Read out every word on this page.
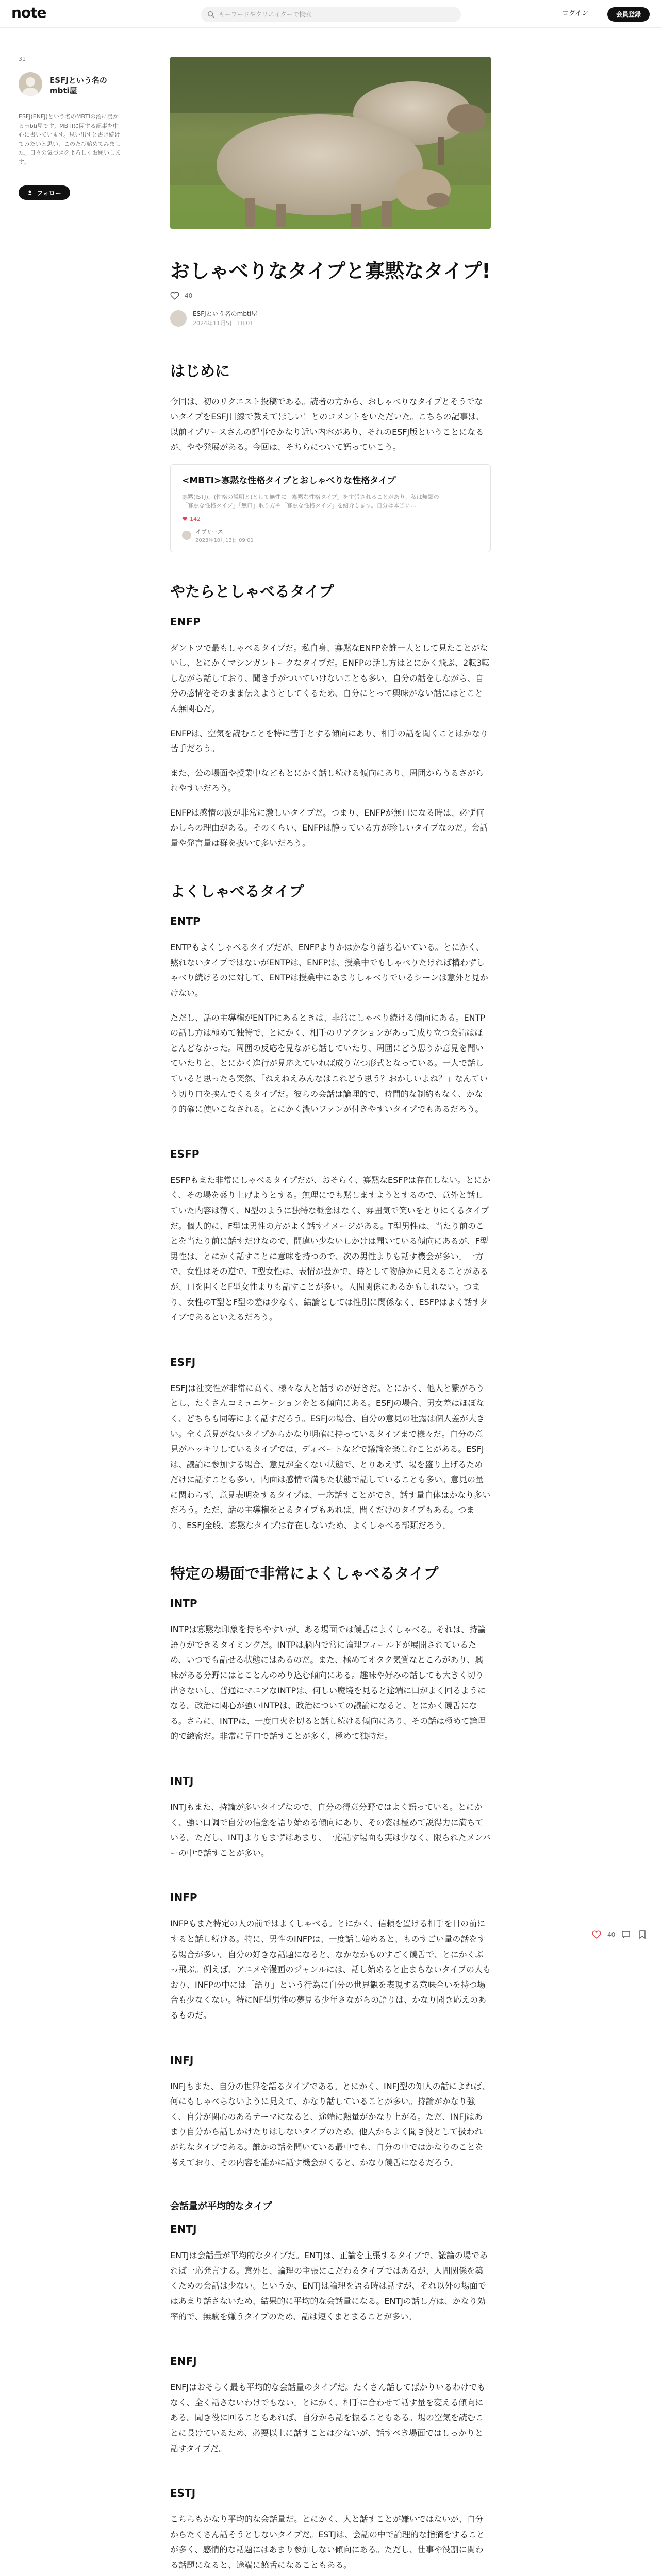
note
キーワードやクリエイターで検索	ログイン	会員登録
31
ESFJという名のmbti屋
ESFJ(ENFJ)という名のMBTIの沼に浸かるmbti屋です。MBTIに関する記事を中心に書いています。思い出すと書き続けてみたいと思い、このたび始めてみました。日々の気づきをよろしくお願いします。
フォロー
おしゃべりなタイプと寡黙なタイプ!
40
ESFJという名のmbti屋
2024年11月5日 18:01
はじめに

今回は、初のリクエスト投稿である。読者の方から、おしゃべりなタイプとそうでないタイプをESFJ目線で教えてほしい！とのコメントをいただいた。こちらの記事は、以前イプリースさんの記事でかなり近い内容があり、それのESFJ版ということになるが、やや発展がある。今回は、そちらについて語っていこう。

<MBTI>寡黙な性格タイプとおしゃべりな性格タイプ
寡黙(ISTJ)、(性格の説明と)として無性に「寡黙な性格タイプ」を主張されることがあり、私は無類の「寡黙な性格タイプ」「無口」取り方や「寡黙な性格タイプ」を紹介します。自分は本当に…
142
イプリース
2023年10月13日 09:01
やたらとしゃべるタイプ
ENFP

ダントツで最もしゃべるタイプだ。私自身、寡黙なENFPを誰一人として見たことがないし、とにかくマシンガントークなタイプだ。ENFPの話し方はとにかく飛ぶ、2転3転しながら話しており、聞き手がついていけないことも多い。自分の話をしながら、自分の感情をそのまま伝えようとしてくるため、自分にとって興味がない話にはとことん無関心だ。

ENFPは、空気を読むことを特に苦手とする傾向にあり、相手の話を聞くことはかなり苦手だろう。

また、公の場面や授業中などもとにかく話し続ける傾向にあり、周囲からうるさがられやすいだろう。

ENFPは感情の波が非常に激しいタイプだ。つまり、ENFPが無口になる時は、必ず何かしらの理由がある。そのくらい、ENFPは静っている方が珍しいタイプなのだ。会話量や発言量は群を抜いて多いだろう。

よくしゃべるタイプ
ENTP

ENTPもよくしゃべるタイプだが、ENFPよりかはかなり落ち着いている。とにかく、黙れないタイプではないがENTPは、ENFPは、授業中でもしゃべりたければ構わずしゃべり続けるのに対して、ENTPは授業中にあまりしゃべりでいるシーンは意外と見かけない。

ただし、話の主導権がENTPにあるときは、非常にしゃべり続ける傾向にある。ENTPの話し方は極めて独特で、とにかく、相手のリアクションがあって成り立つ会話はほとんどなかった。周囲の反応を見ながら話していたり、周囲にどう思うか意見を聞いていたりと、とにかく進行が見応えていれば成り立つ形式となっている。一人で話していると思ったら突然、「ねえねえみんなはこれどう思う？おかしいよね？」なんていう切り口を挟んでくるタイプだ。彼らの会話は論理的で、時間的な制約もなく、かなり的確に使いこなされる。とにかく濃いファンが付きやすいタイプでもあるだろう。

ESFP

ESFPもまた非常にしゃべるタイプだが、おそらく、寡黙なESFPは存在しない。とにかく、その場を盛り上げようとする。無理にでも黙しますようとするので、意外と話していた内容は薄く、N型のように独特な概念はなく、雰囲気で笑いをとりにくるタイプだ。個人的に、F型は男性の方がよく話すイメージがある。T型男性は、当たり前のことを当たり前に話すだけなので、間違い少ないしかけは聞いている傾向にあるが、F型男性は、とにかく話すことに意味を持つので、次の男性よりも話す機会が多い。一方で、女性はその逆で、T型女性は、表情が豊かで、時として物静かに見えることがあるが、口を開くとF型女性よりも話すことが多い。人間関係にあるかもしれない。つまり、女性のT型とF型の差は少なく、結論としては性別に関係なく、ESFPはよく話すタイプであるといえるだろう。

ESFJ

ESFJは社交性が非常に高く、様々な人と話すのが好きだ。とにかく、他人と繋がろうとし、たくさんコミュニケーションをとる傾向にある。ESFJの場合、男女差はほぼなく、どちらも同等によく話すだろう。ESFJの場合、自分の意見の吐露は個人差が大きい。全く意見がないタイプからかなり明確に持っているタイプまで様々だ。自分の意見がハッキリしているタイプでは、ディベートなどで議論を楽しむことがある。ESFJは、議論に参加する場合、意見が全くない状態で、とりあえず、場を盛り上げるためだけに話すことも多い。内面は感情で満ちた状態で話していることも多い。意見の量に関わらず、意見表明をするタイプは、一応話すことができ、話す量自体はかなり多いだろう。ただ、話の主導権をとるタイプもあれば、聞くだけのタイプもある。つまり、ESFJ全般、寡黙なタイプは存在しないため、よくしゃべる部類だろう。

特定の場面で非常によくしゃべるタイプ
INTP

INTPは寡黙な印象を持ちやすいが、ある場面では饒舌によくしゃべる。それは、持論語りができるタイミングだ。INTPは脳内で常に論理フィールドが展開されているため、いつでも話せる状態にはあるのだ。また、極めてオタク気質なところがあり、興味がある分野にはとことんのめり込む傾向にある。趣味や好みの話しても大きく切り出さないし、普通にマニアなINTPは、何しい魔境を見ると途端に口がよく回るようになる。政治に関心が強いINTPは、政治についての議論になると、とにかく饒舌になる。さらに、INTPは、一度口火を切ると話し続ける傾向にあり、その話は極めて論理的で緻密だ。非常に早口で話すことが多く、極めて独特だ。

INTJ

INTJもまた、持論が多いタイプなので、自分の得意分野ではよく語っている。とにかく、強い口調で自分の信念を語り始める傾向にあり、その姿は極めて説得力に満ちている。ただし、INTJよりもまずはあまり、一応話す場面も実は少なく、限られたメンバーの中で話すことが多い。

INFP

INFPもまた特定の人の前ではよくしゃべる。とにかく、信頼を置ける相手を目の前にすると話し続ける。特に、男性のINFPは、一度話し始めると、ものすごい量の話をする場合が多い。自分の好きな話題になると、なかなかものすごく饒舌で、とにかくぶっ飛ぶ。例えば、アニメや漫画のジャンルには、話し始めると止まらないタイプの人もおり、INFPの中には「語り」という行為に自分の世界観を表現する意味合いを持つ場合も少なくない。特にNF型男性の夢見る少年さながらの語りは、かなり聞き応えのあるものだ。

INFJ

INFJもまた、自分の世界を語るタイプである。とにかく、INFJ型の知人の話によれば、何にもしゃべらないように見えて、かなり話していることが多い。持論がかなり強く、自分が関心のあるテーマになると、途端に熱量がかなり上がる。ただ、INFJはあまり自分から話しかけたりはしないタイプのため、他人からよく聞き役として扱われがちなタイプである。誰かの話を聞いている最中でも、自分の中ではかなりのことを考えており、その内容を誰かに話す機会がくると、かなり饒舌になるだろう。

会話量が平均的なタイプ
ENTJ

ENTJは会話量が平均的なタイプだ。ENTJは、正論を主張するタイプで、議論の場であれば一応発言する。意外と、論理の主張にこだわるタイプではあるが、人間関係を築くための会話は少ない。というか、ENTJは論理を語る時は話すが、それ以外の場面ではあまり話さないため、結果的に平均的な会話量になる。ENTJの話し方は、かなり効率的で、無駄を嫌うタイプのため、話は短くまとまることが多い。

ENFJ

ENFJはおそらく最も平均的な会話量のタイプだ。たくさん話してばかりいるわけでもなく、全く話さないわけでもない。とにかく、相手に合わせて話す量を変える傾向にある。聞き役に回ることもあれば、自分から話を振ることもある。場の空気を読むことに長けているため、必要以上に話すことは少ないが、話すべき場面ではしっかりと話すタイプだ。

ESTJ

こちらもかなり平均的な会話量だ。とにかく、人と話すことが嫌いではないが、自分からたくさん話そうとしないタイプだ。ESTJは、会話の中で論理的な指摘をすることが多く、感情的な話題にはあまり参加しない傾向にある。ただし、仕事や役割に関わる話題になると、途端に饒舌になることもある。

40
